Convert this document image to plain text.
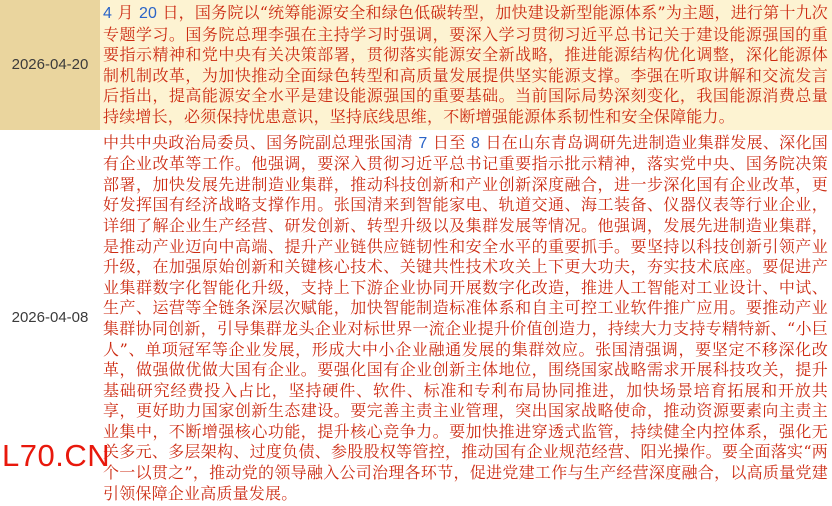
2026-04-20
4 月 20 日，国务院以“统筹能源安全和绿色低碳转型，加快建设新型能源体系”为主题，进行第十九次专题学习。国务院总理李强在主持学习时强调，要深入学习贯彻习近平总书记关于建设能源强国的重要指示精神和党中央有关决策部署，贯彻落实能源安全新战略，推进能源结构优化调整，深化能源体制机制改革，为加快推动全面绿色转型和高质量发展提供坚实能源支撑。李强在听取讲解和交流发言后指出，提高能源安全水平是建设能源强国的重要基础。当前国际局势深刻变化，我国能源消费总量持续增长，必须保持忧患意识，坚持底线思维，不断增强能源体系韧性和安全保障能力。
2026-04-08
中共中央政治局委员、国务院副总理张国清 7 日至 8 日在山东青岛调研先进制造业集群发展、深化国有企业改革等工作。他强调，要深入贯彻习近平总书记重要指示批示精神，落实党中央、国务院决策部署，加快发展先进制造业集群，推动科技创新和产业创新深度融合，进一步深化国有企业改革，更好发挥国有经济战略支撑作用。张国清来到智能家电、轨道交通、海工装备、仪器仪表等行业企业，详细了解企业生产经营、研发创新、转型升级以及集群发展等情况。他强调，发展先进制造业集群，是推动产业迈向中高端、提升产业链供应链韧性和安全水平的重要抓手。要坚持以科技创新引领产业升级，在加强原始创新和关键核心技术、关键共性技术攻关上下更大功夫，夯实技术底座。要促进产业集群数字化智能化升级，支持上下游企业协同开展数字化改造，推进人工智能对工业设计、中试、生产、运营等全链条深层次赋能，加快智能制造标准体系和自主可控工业软件推广应用。要推动产业集群协同创新，引导集群龙头企业对标世界一流企业提升价值创造力，持续大力支持专精特新、“小巨人”、单项冠军等企业发展，形成大中小企业融通发展的集群效应。张国清强调，要坚定不移深化改革，做强做优做大国有企业。要强化国有企业创新主体地位，围绕国家战略需求开展科技攻关，提升基础研究经费投入占比，坚持硬件、软件、标准和专利布局协同推进，加快场景培育拓展和开放共享，更好助力国家创新生态建设。要完善主责主业管理，突出国家战略使命，推动资源要素向主责主业集中，不断增强核心功能，提升核心竞争力。要加快推进穿透式监管，持续健全内控体系，强化无关多元、多层架构、过度负债、参股股权等管控，推动国有企业规范经营、阳光操作。要全面落实“两个一以贯之”，推动党的领导融入公司治理各环节，促进党建工作与生产经营深度融合，以高质量党建引领保障企业高质量发展。
L70.CN
